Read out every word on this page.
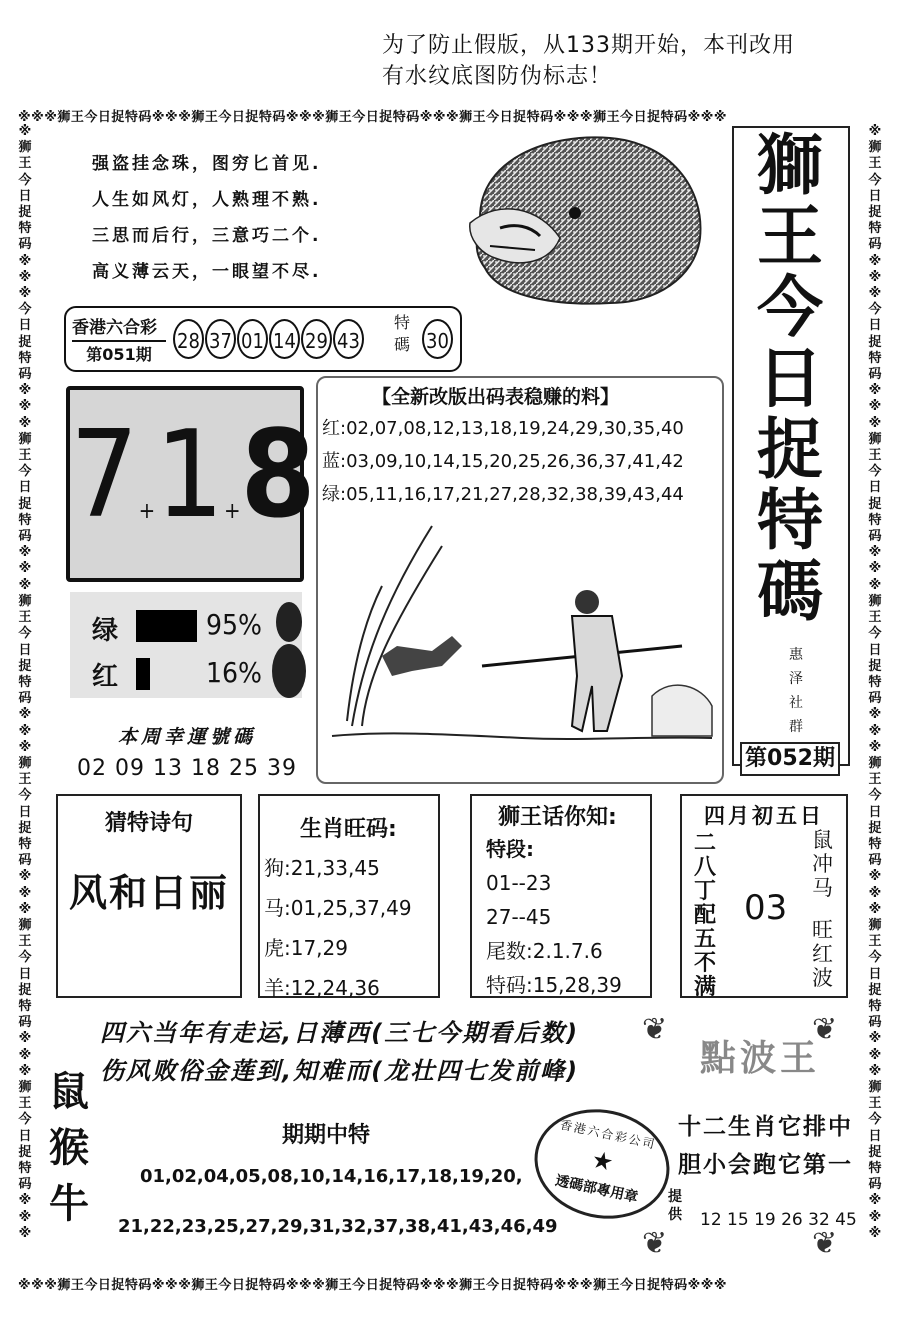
为了防止假版，从133期开始，本刊改用
有水纹底图防伪标志！
※※※狮王今日捉特码※※※狮王今日捉特码※※※狮王今日捉特码※※※狮王今日捉特码※※※狮王今日捉特码※※※
※※※狮王今日捉特码※※※狮王今日捉特码※※※狮王今日捉特码※※※狮王今日捉特码※※※狮王今日捉特码※※※
※狮王今日捉特码※※※今日捉特码※※※狮王今日捉特码※※※狮王今日捉特码※※※狮王今日捉特码※※※狮王今日捉特码※※※狮王今日捉特码※※※
※狮王今日捉特码※※※今日捉特码※※※狮王今日捉特码※※※狮王今日捉特码※※※狮王今日捉特码※※※狮王今日捉特码※※※狮王今日捉特码※※※
强盗挂念珠，图穷匕首见.
人生如风灯，人熟理不熟.
三思而后行，三意巧二个.
高义薄云天，一眼望不尽.
獅
王
今
日
捉
特
碼
惠
泽
社
群
第052期
香港六合彩
第051期
28 37 01 14 29 43
特碼 30
7+1+8
绿	95%
红	16%
本周幸運號碼
02 09 13 18 25 39
【全新改版出码表稳赚的料】
红:02,07,08,12,13,18,19,24,29,30,35,40
蓝:03,09,10,14,15,20,25,26,36,37,41,42
绿:05,11,16,17,21,27,28,32,38,39,43,44
猜特诗句
风和日丽
生肖旺码:
狗:21,33,45
马:01,25,37,49
虎:17,29
羊:12,24,36
狮王话你知:
特段:
01--23
27--45
尾数:2.1.7.6
特码:15,28,39
四月初五日
二八丁配五不满
03
鼠冲马
旺红波
四六当年有走运,日薄西(三七今期看后数)
伤风败俗金莲到,知难而(龙壮四七发前峰)
鼠
猴
牛
期期中特
01,02,04,05,08,10,14,16,17,18,19,20,
21,22,23,25,27,29,31,32,37,38,41,43,46,49
香港六合彩公司
★
透碼部專用章
❦	❦
點波王
❦	❦
十二生肖它排中
胆小会跑它第一
提供 12 15 19 26 32 45
